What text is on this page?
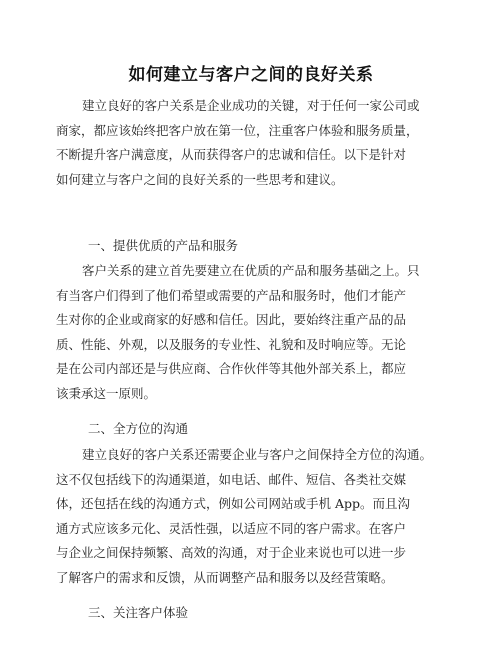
如何建立与客户之间的良好关系
建立良好的客户关系是企业成功的关键，对于任何一家公司或
商家，都应该始终把客户放在第一位，注重客户体验和服务质量，
不断提升客户满意度，从而获得客户的忠诚和信任。以下是针对
如何建立与客户之间的良好关系的一些思考和建议。
一、提供优质的产品和服务
客户关系的建立首先要建立在优质的产品和服务基础之上。只
有当客户们得到了他们希望或需要的产品和服务时，他们才能产
生对你的企业或商家的好感和信任。因此，要始终注重产品的品
质、性能、外观，以及服务的专业性、礼貌和及时响应等。无论
是在公司内部还是与供应商、合作伙伴等其他外部关系上，都应
该秉承这一原则。
二、全方位的沟通
建立良好的客户关系还需要企业与客户之间保持全方位的沟通。
这不仅包括线下的沟通渠道，如电话、邮件、短信、各类社交媒
体，还包括在线的沟通方式，例如公司网站或手机 App。而且沟
通方式应该多元化、灵活性强，以适应不同的客户需求。在客户
与企业之间保持频繁、高效的沟通，对于企业来说也可以进一步
了解客户的需求和反馈，从而调整产品和服务以及经营策略。
三、关注客户体验
